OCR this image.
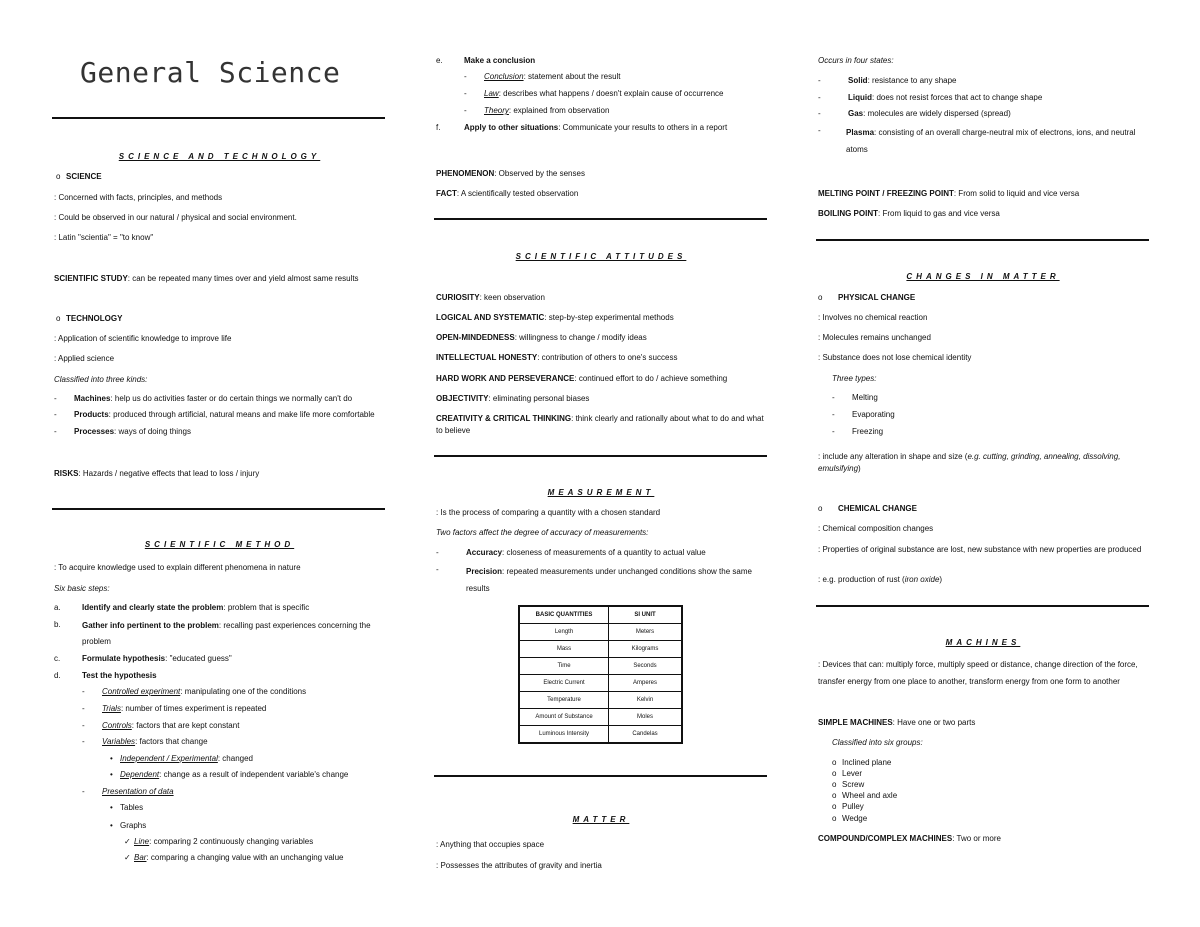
General Science
SCIENCE AND TECHNOLOGY
o SCIENCE
: Concerned with facts, principles, and methods
: Could be observed in our natural / physical and social environment.
: Latin "scientia" = "to know"
SCIENTIFIC STUDY: can be repeated many times over and yield almost same results
o TECHNOLOGY
: Application of scientific knowledge to improve life
: Applied science
Classified into three kinds:
- Machines: help us do activities faster or do certain things we normally can't do
- Products: produced through artificial, natural means and make life more comfortable
- Processes: ways of doing things
RISKS: Hazards / negative effects that lead to loss / injury
SCIENTIFIC METHOD
: To acquire knowledge used to explain different phenomena in nature
Six basic steps:
a.	Identify and clearly state the problem: problem that is specific
b.	Gather info pertinent to the problem: recalling past experiences concerning the problem
c.	Formulate hypothesis: "educated guess"
d.	Test the hypothesis
- Controlled experiment: manipulating one of the conditions
- Trials: number of times experiment is repeated
- Controls: factors that are kept constant
- Variables: factors that change
• Independent / Experimental: changed
• Dependent: change as a result of independent variable's change
- Presentation of data
• Tables
• Graphs
✓ Line: comparing 2 continuously changing variables
✓ Bar: comparing a changing value with an unchanging value
e.	Make a conclusion
- Conclusion: statement about the result
- Law: describes what happens / doesn't explain cause of occurrence
- Theory: explained from observation
f.	Apply to other situations: Communicate your results to others in a report
PHENOMENON: Observed by the senses
FACT: A scientifically tested observation
SCIENTIFIC ATTITUDES
CURIOSITY: keen observation
LOGICAL AND SYSTEMATIC: step-by-step experimental methods
OPEN-MINDEDNESS: willingness to change / modify ideas
INTELLECTUAL HONESTY: contribution of others to one's success
HARD WORK AND PERSEVERANCE: continued effort to do / achieve something
OBJECTIVITY: eliminating personal biases
CREATIVITY & CRITICAL THINKING: think clearly and rationally about what to do and what to believe
MEASUREMENT
: Is the process of comparing a quantity with a chosen standard
Two factors affect the degree of accuracy of measurements:
-	Accuracy: closeness of measurements of a quantity to actual value
-	Precision: repeated measurements under unchanged conditions show the same results
BASIC QUANTITIES	SI UNIT
Length	Meters
Mass	Kilograms
Time	Seconds
Electric Current	Amperes
Temperature	Kelvin
Amount of Substance	Moles
Luminous Intensity	Candelas
MATTER
: Anything that occupies space
: Possesses the attributes of gravity and inertia
Occurs in four states:
-	Solid: resistance to any shape
-	Liquid: does not resist forces that act to change shape
-	Gas: molecules are widely dispersed (spread)
-	Plasma: consisting of an overall charge-neutral mix of electrons, ions, and neutral atoms
MELTING POINT / FREEZING POINT: From solid to liquid and vice versa
BOILING POINT: From liquid to gas and vice versa
CHANGES IN MATTER
o PHYSICAL CHANGE
: Involves no chemical reaction
: Molecules remains unchanged
: Substance does not lose chemical identity
Three types:
- Melting
- Evaporating
- Freezing
: include any alteration in shape and size (e.g. cutting, grinding, annealing, dissolving, emulsifying)
o CHEMICAL CHANGE
: Chemical composition changes
: Properties of original substance are lost, new substance with new properties are produced
: e.g. production of rust (iron oxide)
MACHINES
: Devices that can: multiply force, multiply speed or distance, change direction of the force, transfer energy from one place to another, transform energy from one form to another
SIMPLE MACHINES: Have one or two parts
Classified into six groups:
o Inclined plane
o Lever
o Screw
o Wheel and axle
o Pulley
o Wedge
COMPOUND/COMPLEX MACHINES: Two or more
